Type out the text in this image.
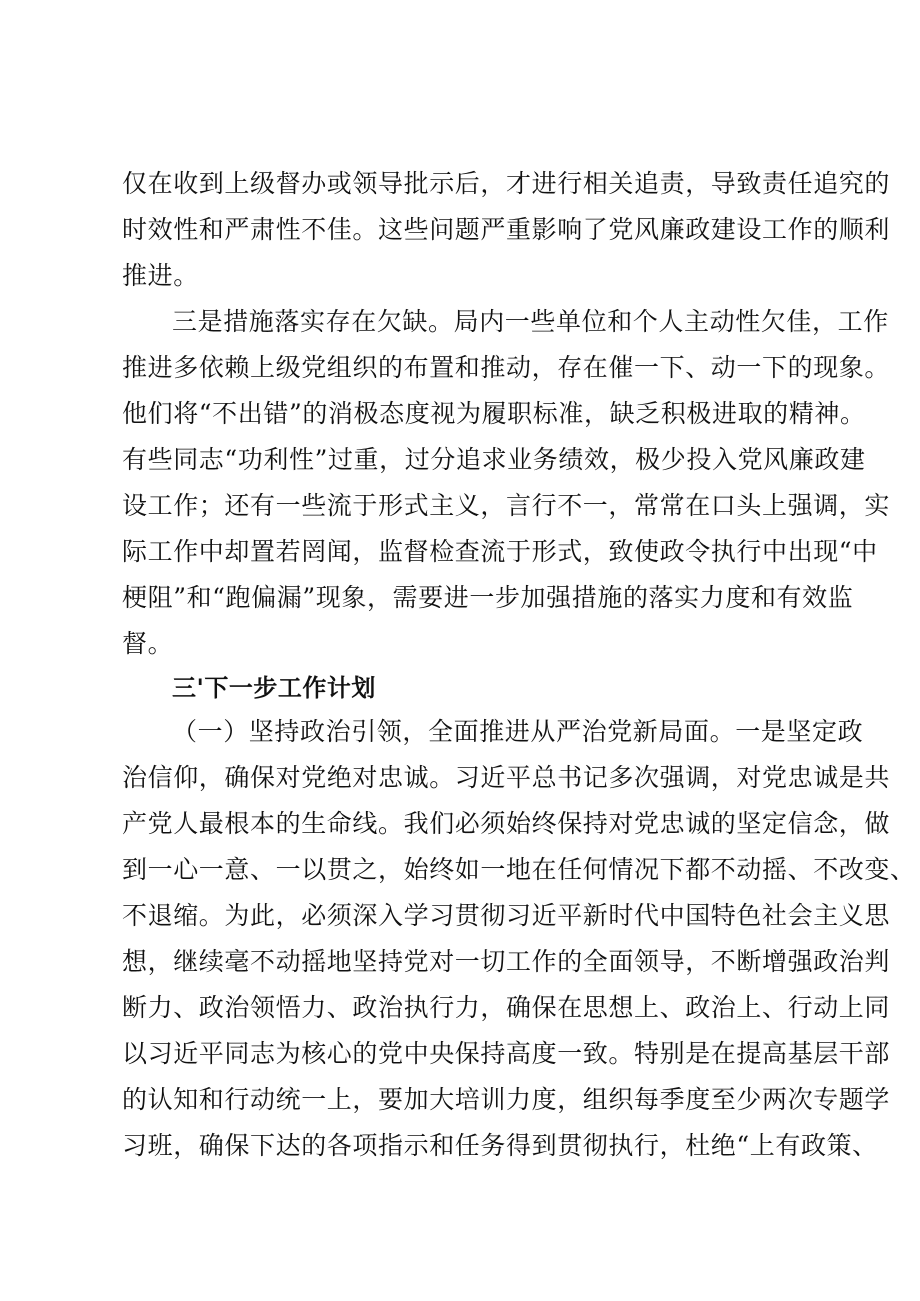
仅在收到上级督办或领导批示后，才进行相关追责，导致责任追究的
时效性和严肃性不佳。这些问题严重影响了党风廉政建设工作的顺利
推进。
三是措施落实存在欠缺。局内一些单位和个人主动性欠佳，工作
推进多依赖上级党组织的布置和推动，存在催一下、动一下的现象。
他们将“不出错”的消极态度视为履职标准，缺乏积极进取的精神。
有些同志“功利性”过重，过分追求业务绩效，极少投入党风廉政建
设工作；还有一些流于形式主义，言行不一，常常在口头上强调，实
际工作中却置若罔闻，监督检查流于形式，致使政令执行中出现“中
梗阻”和“跑偏漏”现象，需要进一步加强措施的落实力度和有效监
督。
三'下一步工作计划
（一）坚持政治引领，全面推进从严治党新局面。一是坚定政
治信仰，确保对党绝对忠诚。习近平总书记多次强调，对党忠诚是共
产党人最根本的生命线。我们必须始终保持对党忠诚的坚定信念，做
到一心一意、一以贯之，始终如一地在任何情况下都不动摇、不改变、
不退缩。为此，必须深入学习贯彻习近平新时代中国特色社会主义思
想，继续毫不动摇地坚持党对一切工作的全面领导，不断增强政治判
断力、政治领悟力、政治执行力，确保在思想上、政治上、行动上同
以习近平同志为核心的党中央保持高度一致。特别是在提高基层干部
的认知和行动统一上，要加大培训力度，组织每季度至少两次专题学
习班，确保下达的各项指示和任务得到贯彻执行，杜绝“上有政策、
